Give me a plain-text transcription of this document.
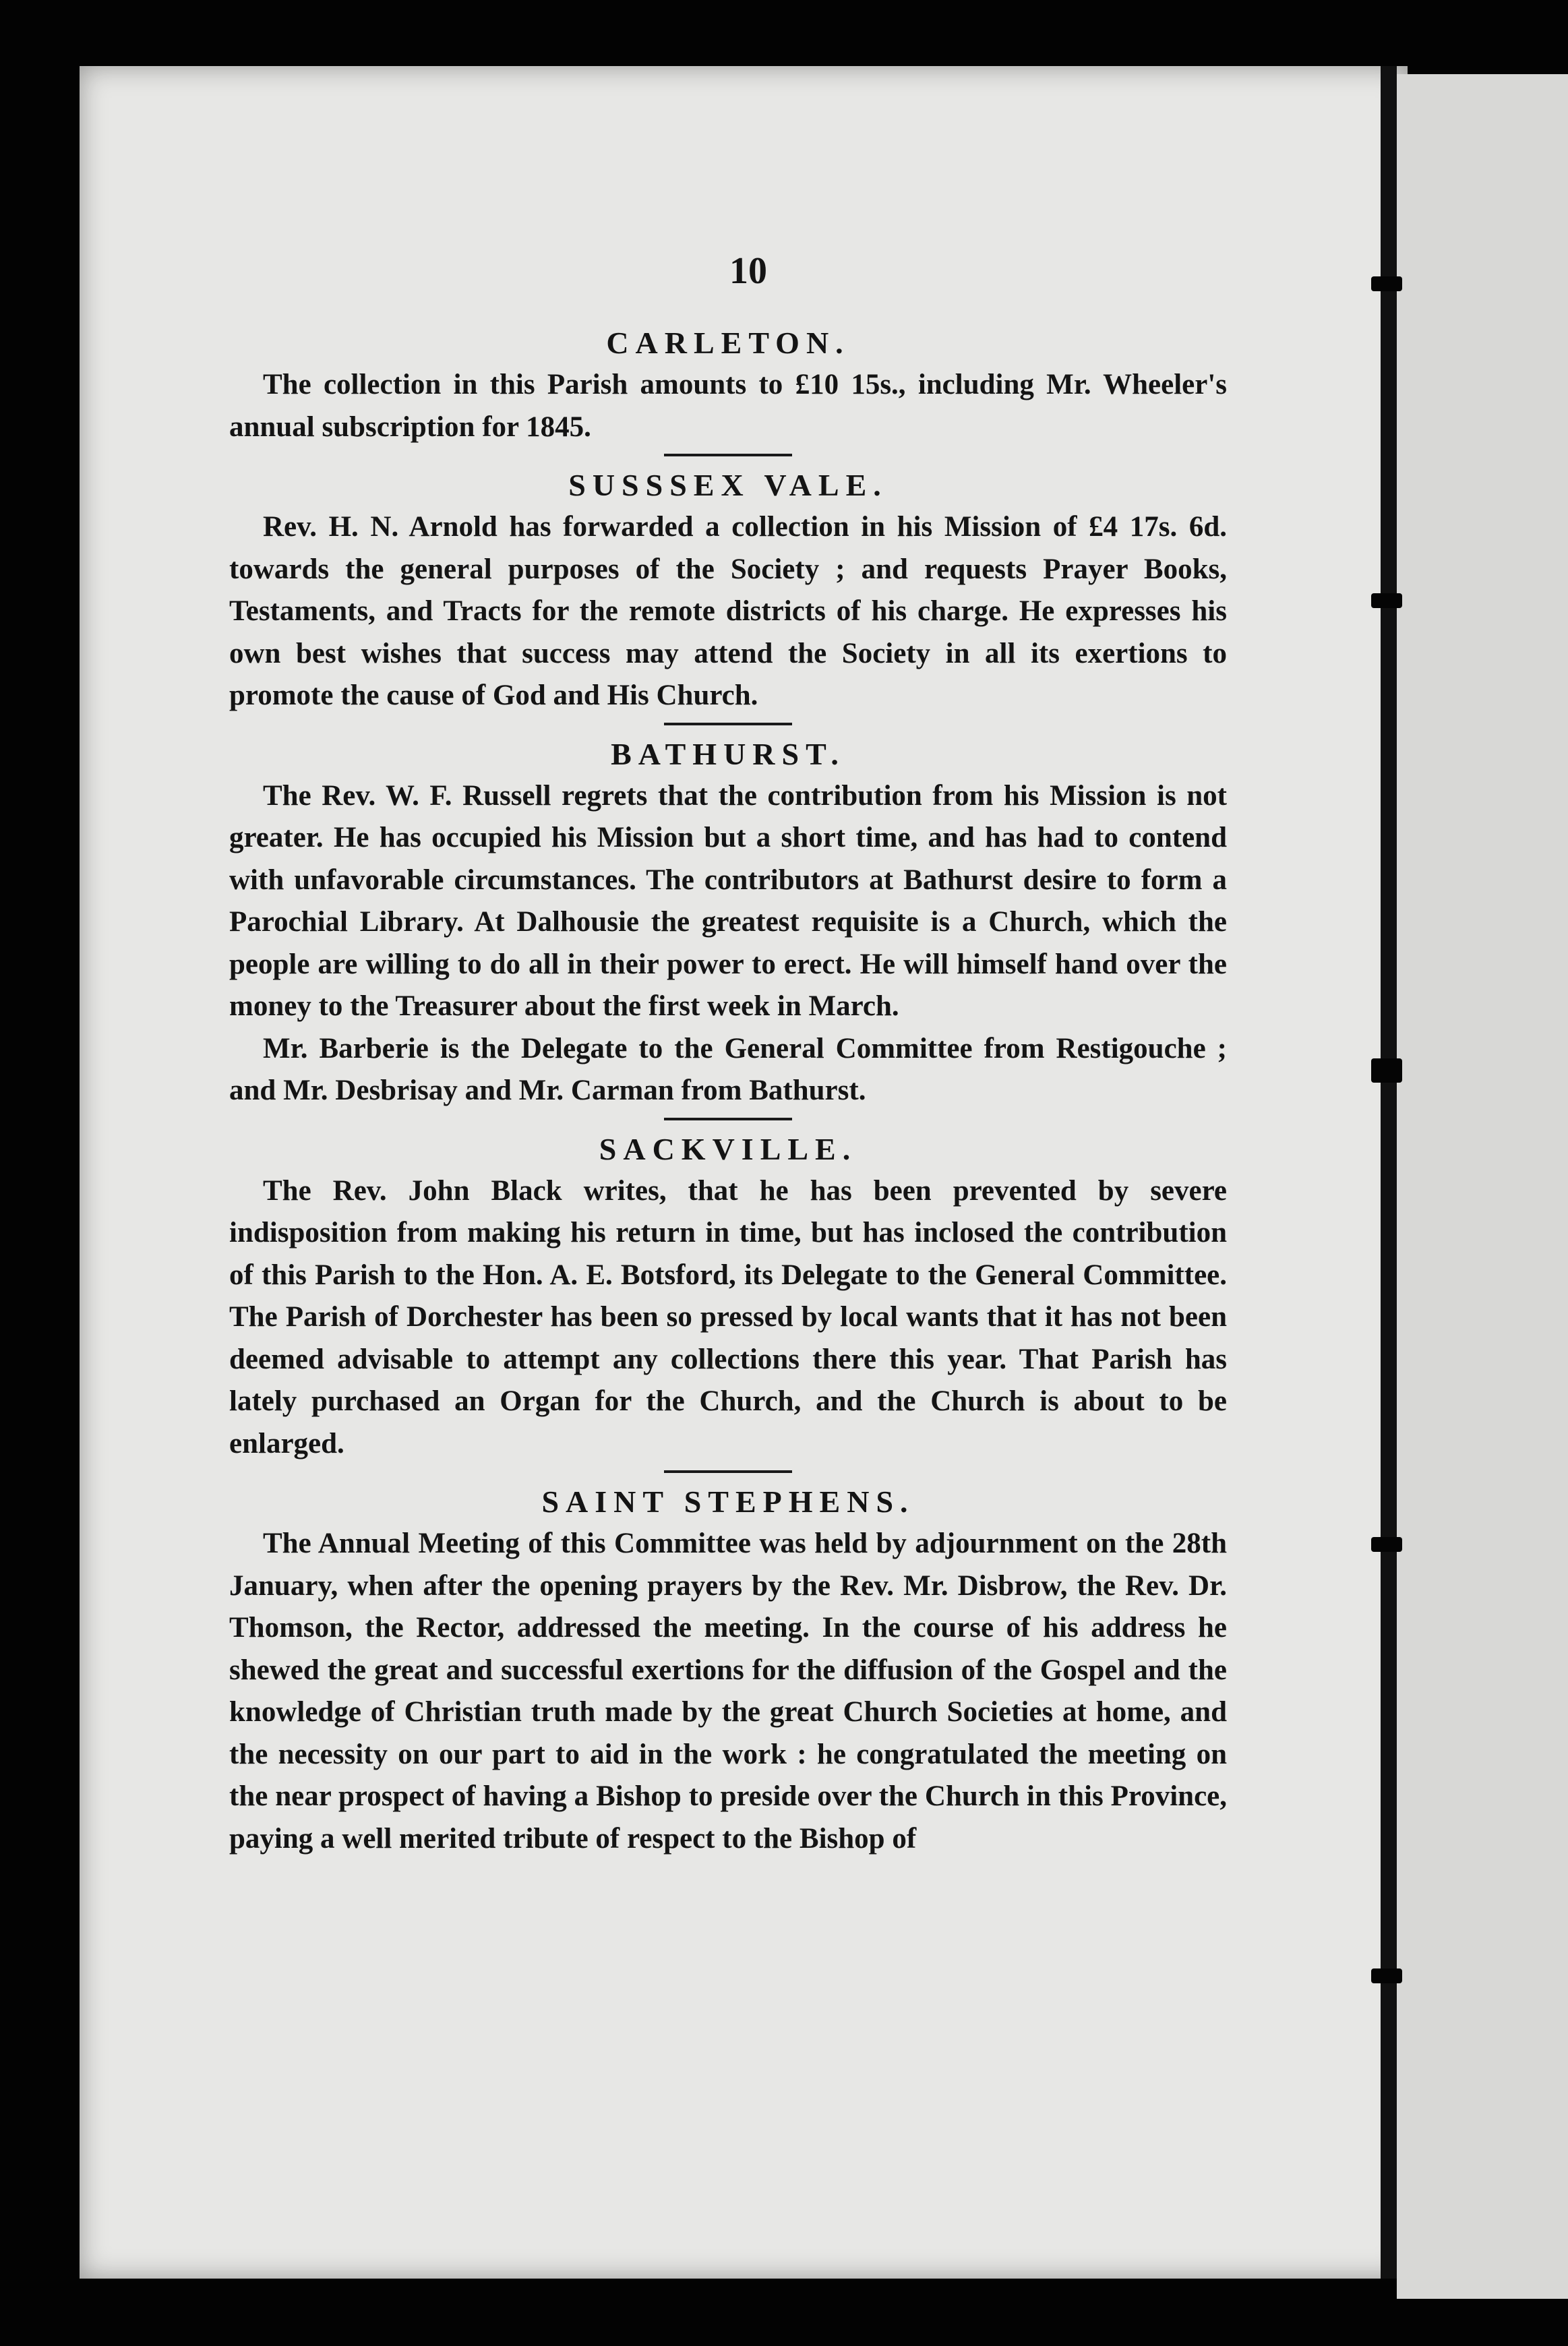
10
CARLETON.

The collection in this Parish amounts to £10 15s., including Mr. Wheeler's annual subscription for 1845.

SUSSSEX VALE.

Rev. H. N. Arnold has forwarded a collection in his Mission of £4 17s. 6d. towards the general purposes of the Society ; and requests Prayer Books, Testaments, and Tracts for the remote districts of his charge. He expresses his own best wishes that success may attend the Society in all its exertions to promote the cause of God and His Church.

BATHURST.

The Rev. W. F. Russell regrets that the contribution from his Mission is not greater. He has occupied his Mission but a short time, and has had to contend with unfavorable circumstances. The contributors at Bathurst desire to form a Parochial Library. At Dalhousie the greatest requisite is a Church, which the people are willing to do all in their power to erect. He will himself hand over the money to the Treasurer about the first week in March.

Mr. Barberie is the Delegate to the General Committee from Restigouche ; and Mr. Desbrisay and Mr. Carman from Bathurst.

SACKVILLE.

The Rev. John Black writes, that he has been prevented by severe indisposition from making his return in time, but has inclosed the contribution of this Parish to the Hon. A. E. Botsford, its Delegate to the General Committee. The Parish of Dorchester has been so pressed by local wants that it has not been deemed advisable to attempt any collections there this year. That Parish has lately purchased an Organ for the Church, and the Church is about to be enlarged.

SAINT STEPHENS.

The Annual Meeting of this Committee was held by adjournment on the 28th January, when after the opening prayers by the Rev. Mr. Disbrow, the Rev. Dr. Thomson, the Rector, addressed the meeting. In the course of his address he shewed the great and successful exertions for the diffusion of the Gospel and the knowledge of Christian truth made by the great Church Societies at home, and the necessity on our part to aid in the work : he congratulated the meeting on the near prospect of having a Bishop to preside over the Church in this Province, paying a well merited tribute of respect to the Bishop of
